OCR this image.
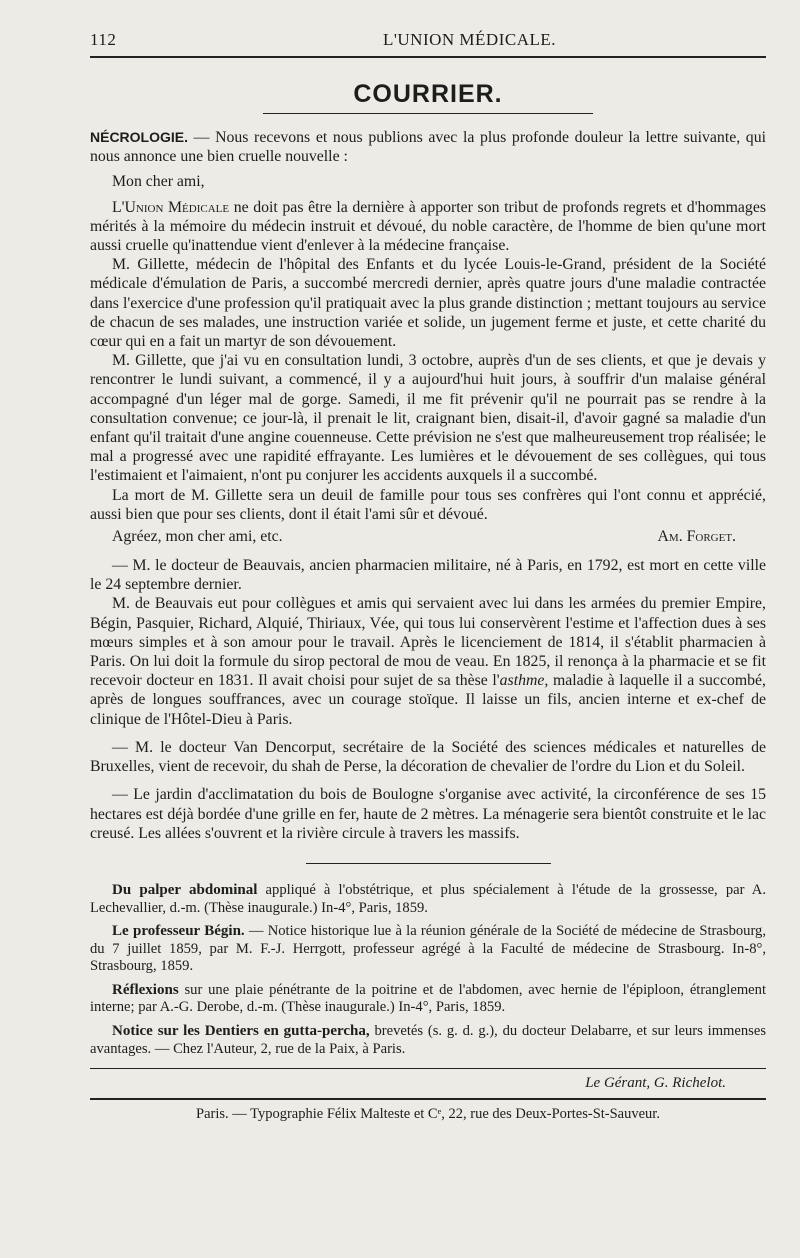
112	L'UNION MÉDICALE.
COURRIER.

NÉCROLOGIE. — Nous recevons et nous publions avec la plus profonde douleur la lettre suivante, qui nous annonce une bien cruelle nouvelle :

Mon cher ami,

L'Union Médicale ne doit pas être la dernière à apporter son tribut de profonds regrets et d'hommages mérités à la mémoire du médecin instruit et dévoué, du noble caractère, de l'homme de bien qu'une mort aussi cruelle qu'inattendue vient d'enlever à la médecine française.

M. Gillette, médecin de l'hôpital des Enfants et du lycée Louis-le-Grand, président de la Société médicale d'émulation de Paris, a succombé mercredi dernier, après quatre jours d'une maladie contractée dans l'exercice d'une profession qu'il pratiquait avec la plus grande distinction ; mettant toujours au service de chacun de ses malades, une instruction variée et solide, un jugement ferme et juste, et cette charité du cœur qui en a fait un martyr de son dévouement.

M. Gillette, que j'ai vu en consultation lundi, 3 octobre, auprès d'un de ses clients, et que je devais y rencontrer le lundi suivant, a commencé, il y a aujourd'hui huit jours, à souffrir d'un malaise général accompagné d'un léger mal de gorge. Samedi, il me fit prévenir qu'il ne pourrait pas se rendre à la consultation convenue; ce jour-là, il prenait le lit, craignant bien, disait-il, d'avoir gagné sa maladie d'un enfant qu'il traitait d'une angine couenneuse. Cette prévision ne s'est que malheureusement trop réalisée; le mal a progressé avec une rapidité effrayante. Les lumières et le dévouement de ses collègues, qui tous l'estimaient et l'aimaient, n'ont pu conjurer les accidents auxquels il a succombé.

La mort de M. Gillette sera un deuil de famille pour tous ses confrères qui l'ont connu et apprécié, aussi bien que pour ses clients, dont il était l'ami sûr et dévoué.

Agréez, mon cher ami, etc.	Am. Forget.

— M. le docteur de Beauvais, ancien pharmacien militaire, né à Paris, en 1792, est mort en cette ville le 24 septembre dernier.

M. de Beauvais eut pour collègues et amis qui servaient avec lui dans les armées du premier Empire, Bégin, Pasquier, Richard, Alquié, Thiriaux, Vée, qui tous lui conservèrent l'estime et l'affection dues à ses mœurs simples et à son amour pour le travail. Après le licenciement de 1814, il s'établit pharmacien à Paris. On lui doit la formule du sirop pectoral de mou de veau. En 1825, il renonça à la pharmacie et se fit recevoir docteur en 1831. Il avait choisi pour sujet de sa thèse l'asthme, maladie à laquelle il a succombé, après de longues souffrances, avec un courage stoïque. Il laisse un fils, ancien interne et ex-chef de clinique de l'Hôtel-Dieu à Paris.

— M. le docteur Van Dencorput, secrétaire de la Société des sciences médicales et naturelles de Bruxelles, vient de recevoir, du shah de Perse, la décoration de chevalier de l'ordre du Lion et du Soleil.

— Le jardin d'acclimatation du bois de Boulogne s'organise avec activité, la circonférence de ses 15 hectares est déjà bordée d'une grille en fer, haute de 2 mètres. La ménagerie sera bientôt construite et le lac creusé. Les allées s'ouvrent et la rivière circule à travers les massifs.

Du palper abdominal appliqué à l'obstétrique, et plus spécialement à l'étude de la grossesse, par A. Lechevallier, d.-m. (Thèse inaugurale.) In-4°, Paris, 1859.

Le professeur Bégin. — Notice historique lue à la réunion générale de la Société de médecine de Strasbourg, du 7 juillet 1859, par M. F.-J. Herrgott, professeur agrégé à la Faculté de médecine de Strasbourg. In-8°, Strasbourg, 1859.

Réflexions sur une plaie pénétrante de la poitrine et de l'abdomen, avec hernie de l'épiploon, étranglement interne; par A.-G. Derobe, d.-m. (Thèse inaugurale.) In-4°, Paris, 1859.

Notice sur les Dentiers en gutta-percha, brevetés (s. g. d. g.), du docteur Delabarre, et sur leurs immenses avantages. — Chez l'Auteur, 2, rue de la Paix, à Paris.

Le Gérant, G. Richelot.
Paris. — Typographie Félix Malteste et Cᵉ, 22, rue des Deux-Portes-St-Sauveur.
